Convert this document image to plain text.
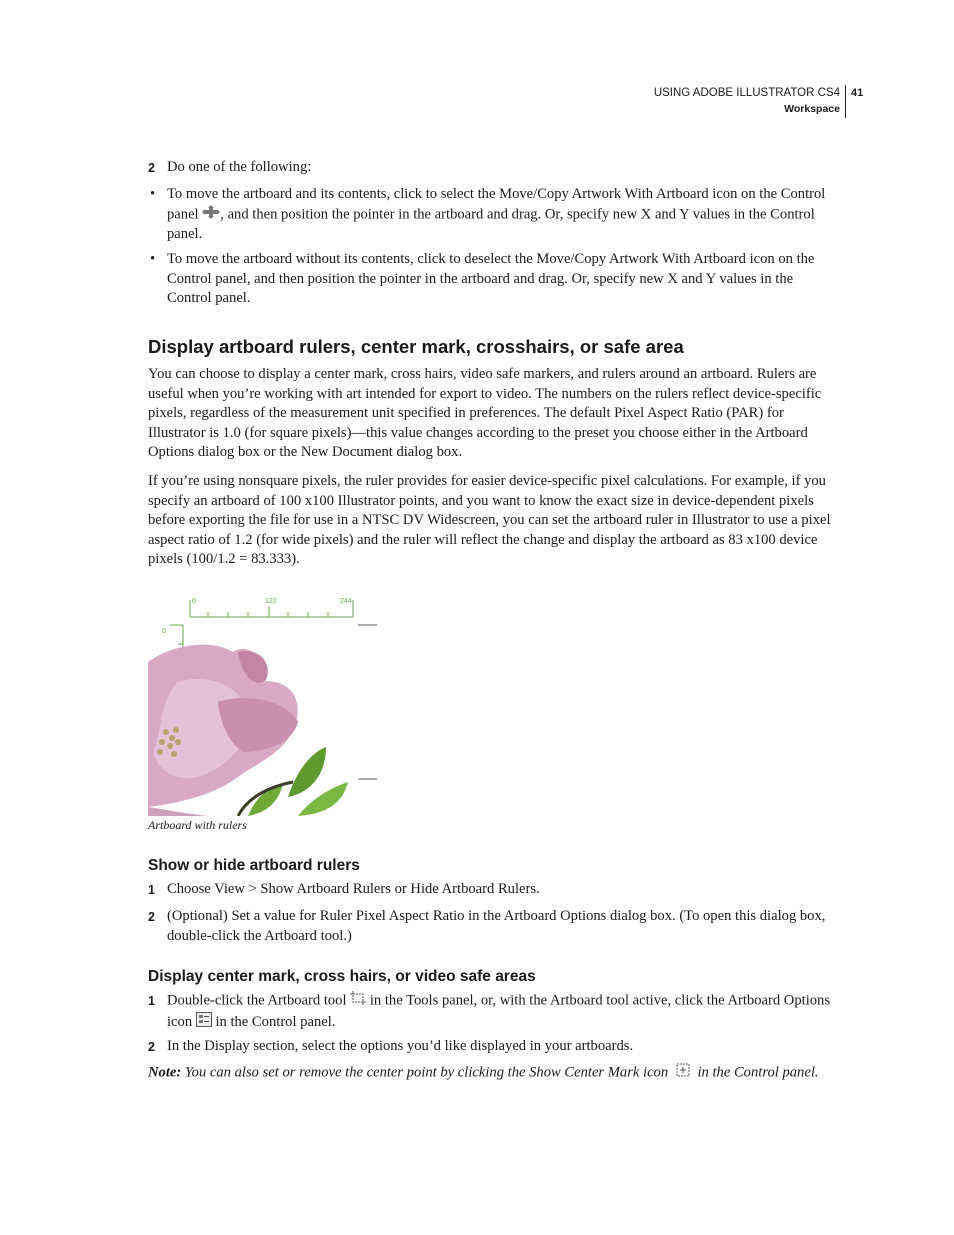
USING ADOBE ILLUSTRATOR CS4
Workspace
41
2 Do one of the following:
• To move the artboard and its contents, click to select the Move/Copy Artwork With Artboard icon on the Control panel , and then position the pointer in the artboard and drag. Or, specify new X and Y values in the Control panel.
• To move the artboard without its contents, click to deselect the Move/Copy Artwork With Artboard icon on the Control panel, and then position the pointer in the artboard and drag. Or, specify new X and Y values in the Control panel.
Display artboard rulers, center mark, crosshairs, or safe area
You can choose to display a center mark, cross hairs, video safe markers, and rulers around an artboard. Rulers are useful when you’re working with art intended for export to video. The numbers on the rulers reflect device-specific pixels, regardless of the measurement unit specified in preferences. The default Pixel Aspect Ratio (PAR) for Illustrator is 1.0 (for square pixels)—this value changes according to the preset you choose either in the Artboard Options dialog box or the New Document dialog box.
If you’re using nonsquare pixels, the ruler provides for easier device-specific pixel calculations. For example, if you specify an artboard of 100 x100 Illustrator points, and you want to know the exact size in device-dependent pixels before exporting the file for use in a NTSC DV Widescreen, you can set the artboard ruler in Illustrator to use a pixel aspect ratio of 1.2 (for wide pixels) and the ruler will reflect the change and display the artboard as 83 x100 device pixels (100/1.2 = 83.333).
0	122	244
0
Artboard with rulers
Show or hide artboard rulers
1 Choose View > Show Artboard Rulers or Hide Artboard Rulers.
2 (Optional) Set a value for Ruler Pixel Aspect Ratio in the Artboard Options dialog box. (To open this dialog box, double-click the Artboard tool.)
Display center mark, cross hairs, or video safe areas
1 Double-click the Artboard tool in the Tools panel, or, with the Artboard tool active, click the Artboard Options icon in the Control panel.
2 In the Display section, select the options you’d like displayed in your artboards.
Note: You can also set or remove the center point by clicking the Show Center Mark icon in the Control panel.
